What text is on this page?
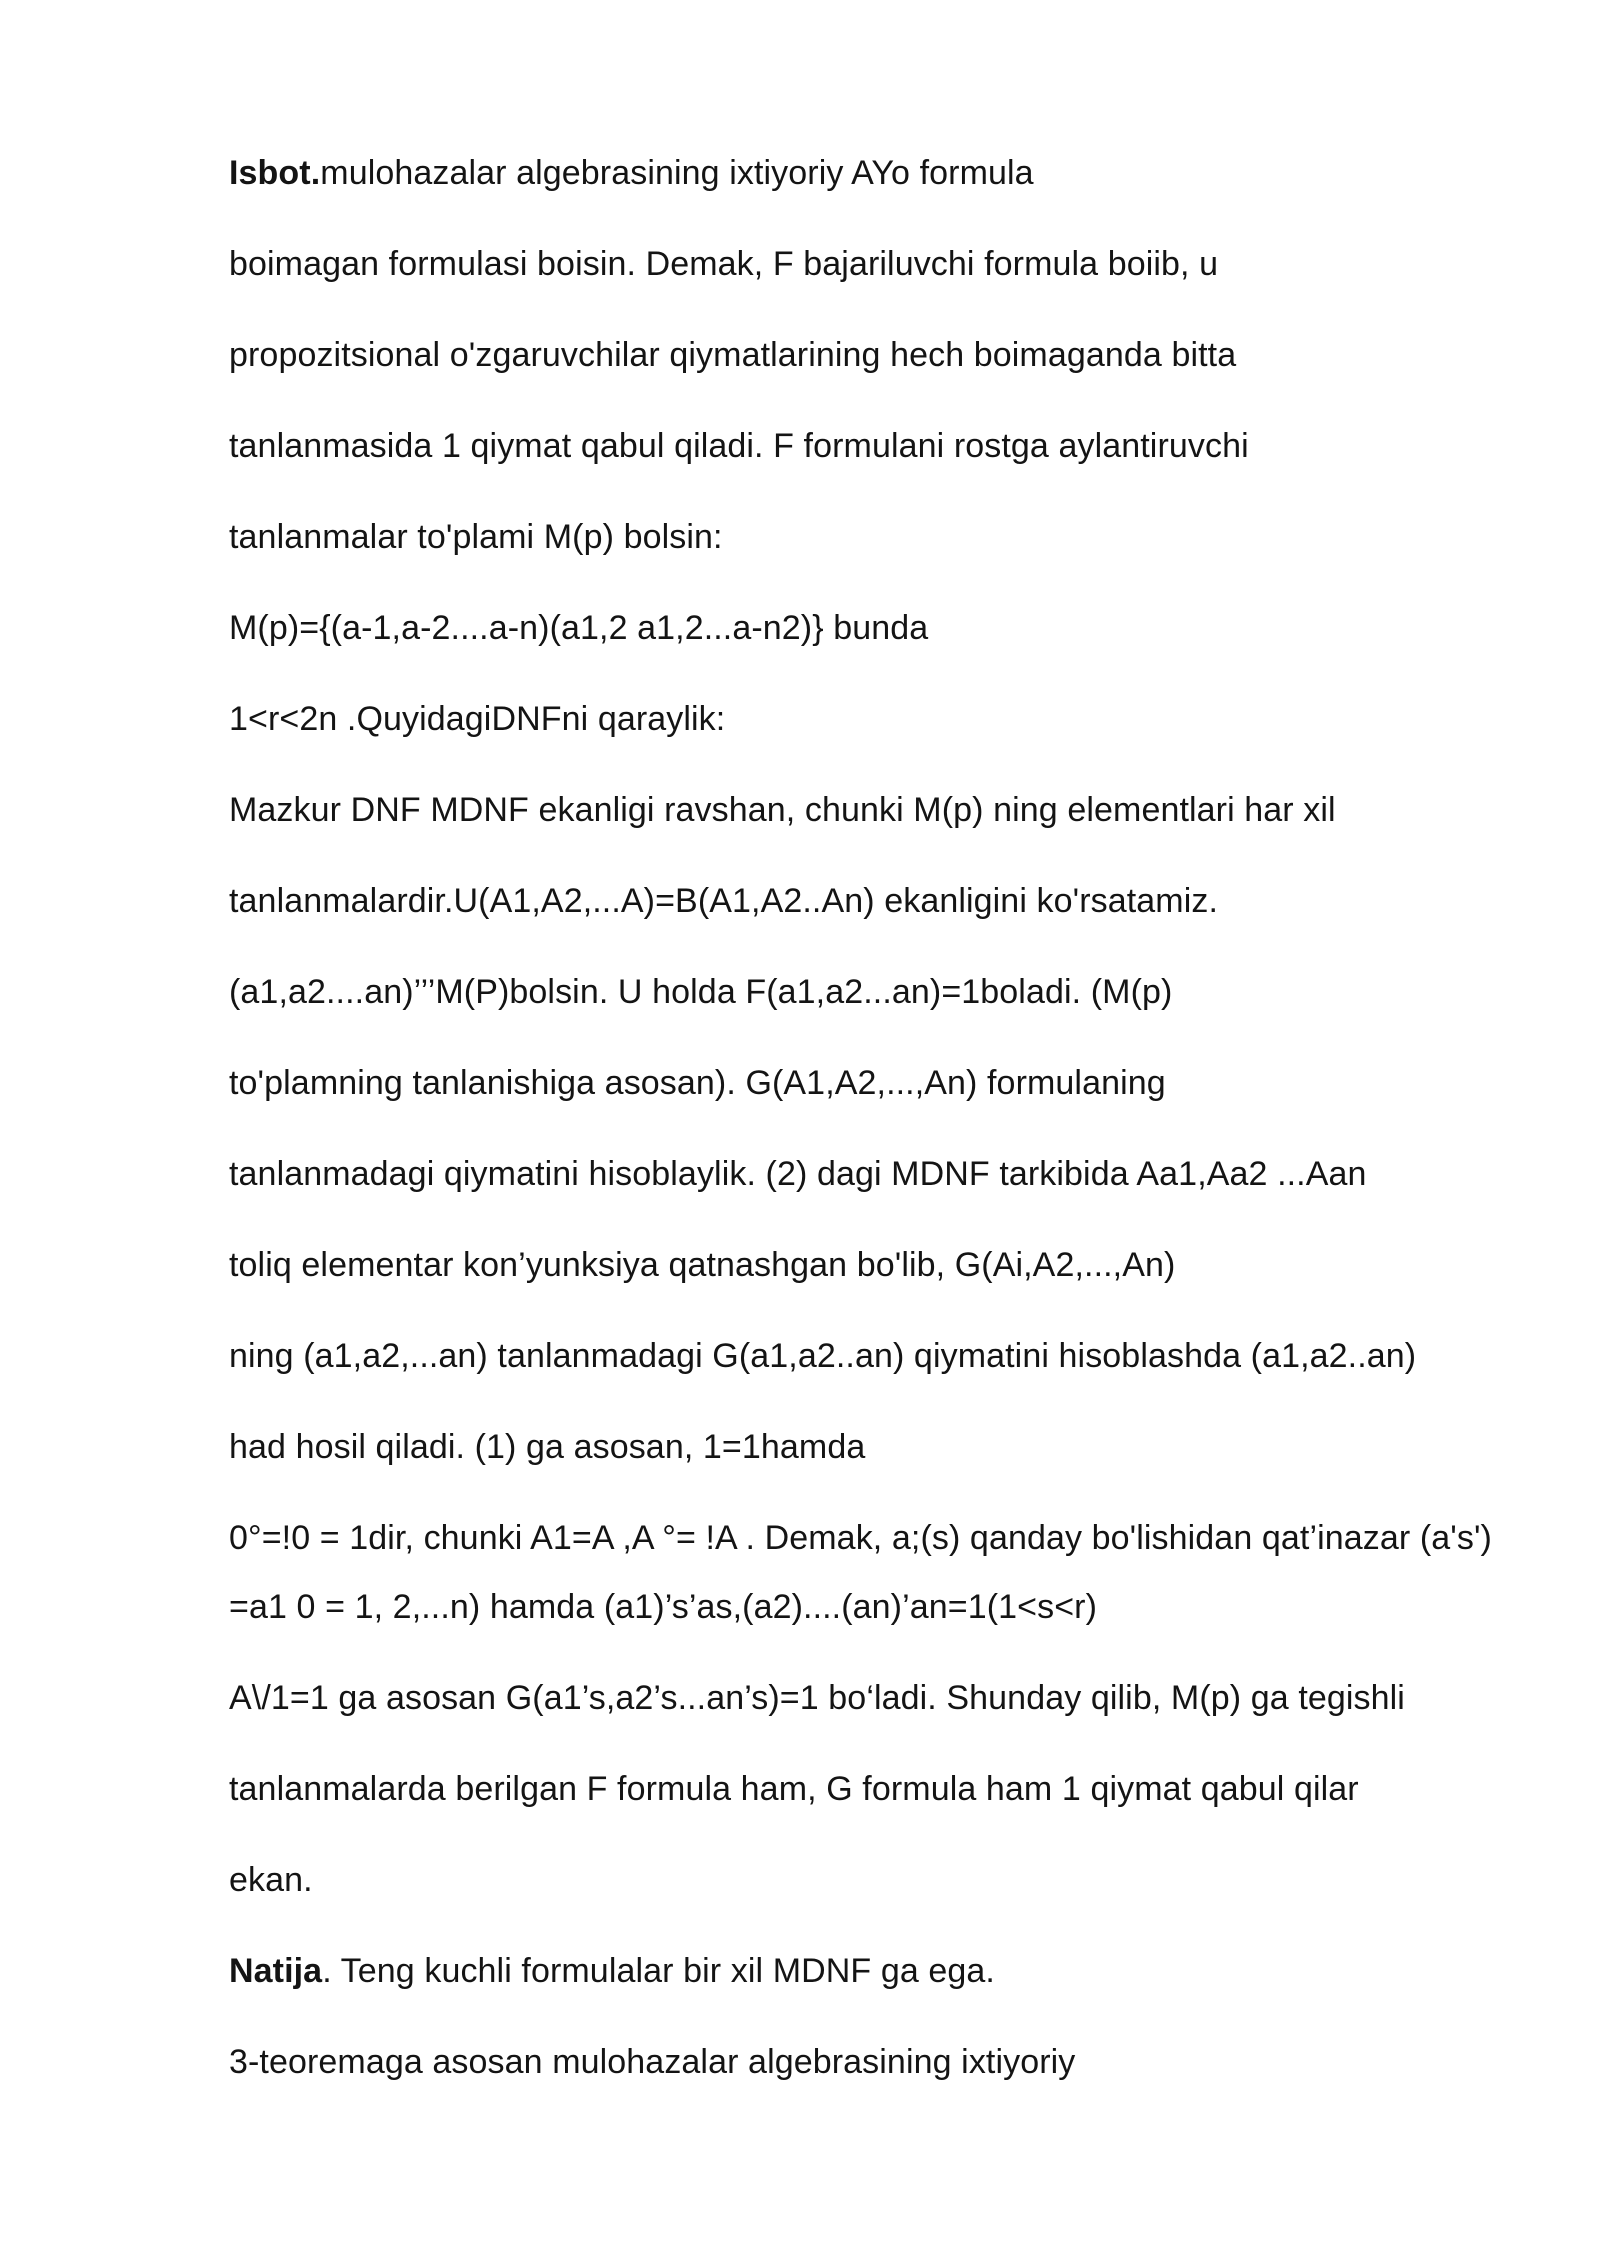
Isbot.mulohazalar algebrasining ixtiyoriy AYo formula
boimagan formulasi boisin. Demak, F bajariluvchi formula boiib, u
propozitsional o'zgaruvchilar qiymatlarining hech boimaganda bitta
tanlanmasida 1 qiymat qabul qiladi. F formulani rostga aylantiruvchi
tanlanmalar to'plami M(p) bolsin:
M(p)={(a-1,a-2....a-n)(a1,2 a1,2...a-n2)} bunda
1<r<2n .QuyidagiDNFni qaraylik:
Mazkur DNF MDNF ekanligi ravshan, chunki M(p) ning elementlari har xil
tanlanmalardir.U(A1,A2,...A)=B(A1,A2..An) ekanligini ko'rsatamiz.
(a1,a2....an)’’’M(P)bolsin. U holda F(a1,a2...an)=1boladi. (M(p)
to'plamning tanlanishiga asosan). G(A1,A2,...,An) formulaning
tanlanmadagi qiymatini hisoblaylik. (2) dagi MDNF tarkibida Aa1,Aa2 ...Aan
toliq elementar kon’yunksiya qatnashgan bo'lib, G(Ai,A2,...,An)
ning (a1,a2,...an) tanlanmadagi G(a1,a2..an) qiymatini hisoblashda (a1,a2..an)
had hosil qiladi. (1) ga asosan, 1=1hamda
0°=!0 = 1dir, chunki A1=A ,A °= !A . Demak, a;(s) qanday bo'lishidan qat’inazar (a's')
=a1 0 = 1, 2,...n) hamda (a1)’s’as,(a2)....(an)’an=1(1<s<r)
A\/1=1 ga asosan G(a1’s,a2’s...an’s)=1 bo‘ladi. Shunday qilib, M(p) ga tegishli
tanlanmalarda berilgan F formula ham, G formula ham 1 qiymat qabul qilar
ekan.
Natija. Teng kuchli formulalar bir xil MDNF ga ega.
3-teoremaga asosan mulohazalar algebrasining ixtiyoriy
